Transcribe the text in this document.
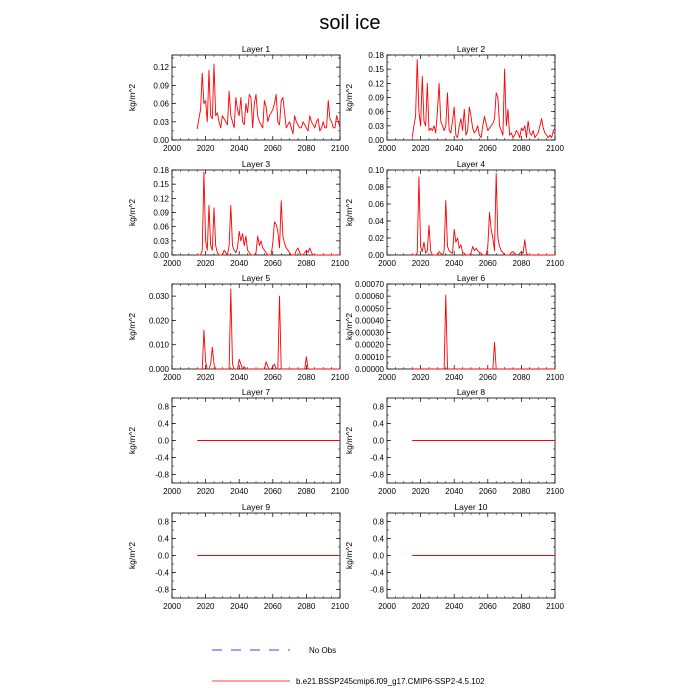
soil ice
Layer 1
2000 2020 2040 2060 2080 2100
0.00
0.03
0.06
0.09
0.12
kg/m^2
Layer 2
2000 2020 2040 2060 2080 2100
0.00
0.03
0.06
0.09
0.12
0.15
0.18
kg/m^2
Layer 3
2000 2020 2040 2060 2080 2100
0.00
0.03
0.06
0.09
0.12
0.15
0.18
kg/m^2
Layer 4
2000 2020 2040 2060 2080 2100
0.00
0.02
0.04
0.06
0.08
0.10
kg/m^2
Layer 5
2000 2020 2040 2060 2080 2100
0.000
0.010
0.020
0.030
kg/m^2
Layer 6
2000 2020 2040 2060 2080 2100
0.00000
0.00010
0.00020
0.00030
0.00040
0.00050
0.00060
0.00070
kg/m^2
Layer 7
2000 2020 2040 2060 2080 2100
-0.8
-0.4
0.0
0.4
0.8
kg/m^2
Layer 8
2000 2020 2040 2060 2080 2100
-0.8
-0.4
0.0
0.4
0.8
kg/m^2
Layer 9
2000 2020 2040 2060 2080 2100
-0.8
-0.4
0.0
0.4
0.8
kg/m^2
Layer 10
2000 2020 2040 2060 2080 2100
-0.8
-0.4
0.0
0.4
0.8
kg/m^2
No Obs
b.e21.BSSP245cmip6.f09_g17.CMIP6-SSP2-4.5.102
